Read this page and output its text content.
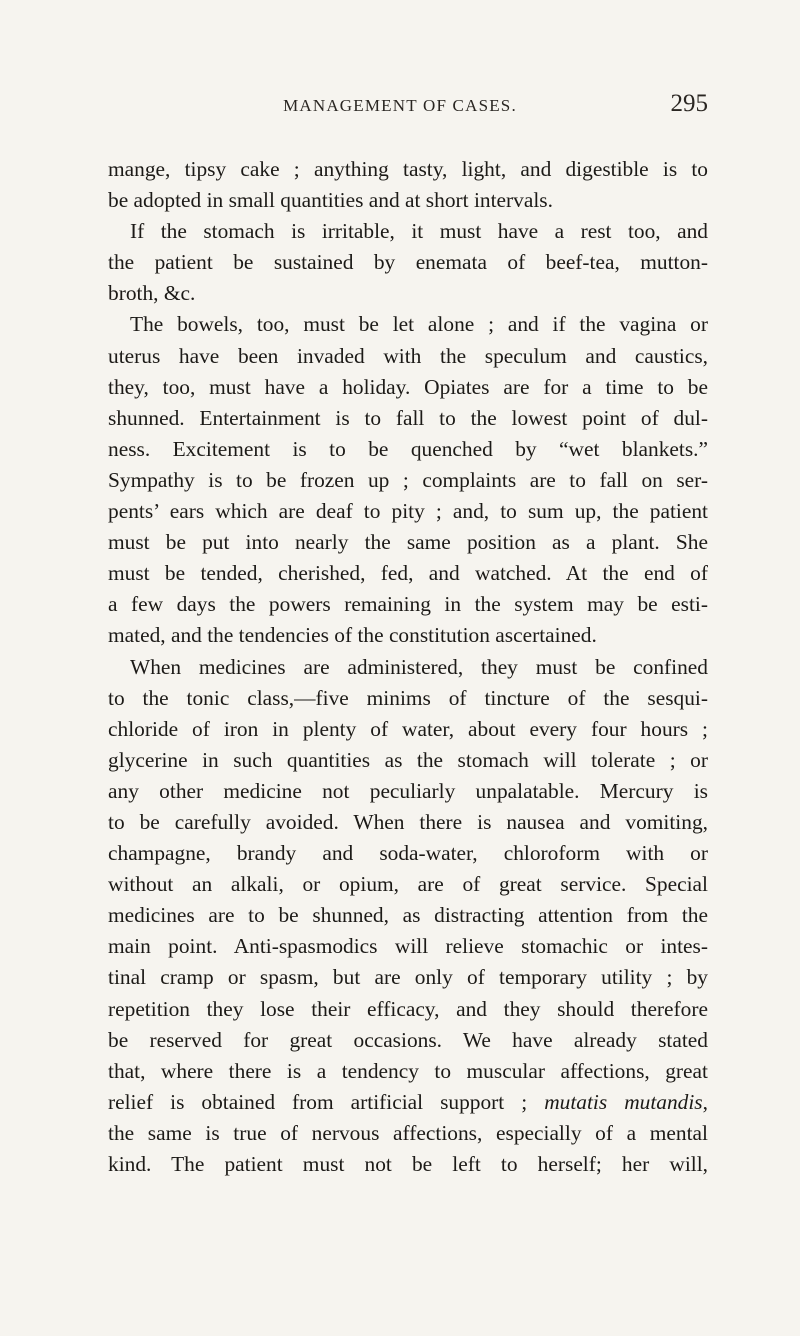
MANAGEMENT OF CASES.	295
mange, tipsy cake ; anything tasty, light, and digestible is to
be adopted in small quantities and at short intervals.
If the stomach is irritable, it must have a rest too, and
the patient be sustained by enemata of beef-tea, mutton-
broth, &c.
The bowels, too, must be let alone ; and if the vagina or
uterus have been invaded with the speculum and caustics,
they, too, must have a holiday. Opiates are for a time to be
shunned. Entertainment is to fall to the lowest point of dul-
ness. Excitement is to be quenched by “wet blankets.”
Sympathy is to be frozen up ; complaints are to fall on ser-
pents’ ears which are deaf to pity ; and, to sum up, the patient
must be put into nearly the same position as a plant. She
must be tended, cherished, fed, and watched. At the end of
a few days the powers remaining in the system may be esti-
mated, and the tendencies of the constitution ascertained.
When medicines are administered, they must be confined
to the tonic class,—five minims of tincture of the sesqui-
chloride of iron in plenty of water, about every four hours ;
glycerine in such quantities as the stomach will tolerate ; or
any other medicine not peculiarly unpalatable. Mercury is
to be carefully avoided. When there is nausea and vomiting,
champagne, brandy and soda-water, chloroform with or
without an alkali, or opium, are of great service. Special
medicines are to be shunned, as distracting attention from the
main point. Anti-spasmodics will relieve stomachic or intes-
tinal cramp or spasm, but are only of temporary utility ; by
repetition they lose their efficacy, and they should therefore
be reserved for great occasions. We have already stated
that, where there is a tendency to muscular affections, great
relief is obtained from artificial support ; mutatis mutandis,
the same is true of nervous affections, especially of a mental
kind. The patient must not be left to herself; her will,
